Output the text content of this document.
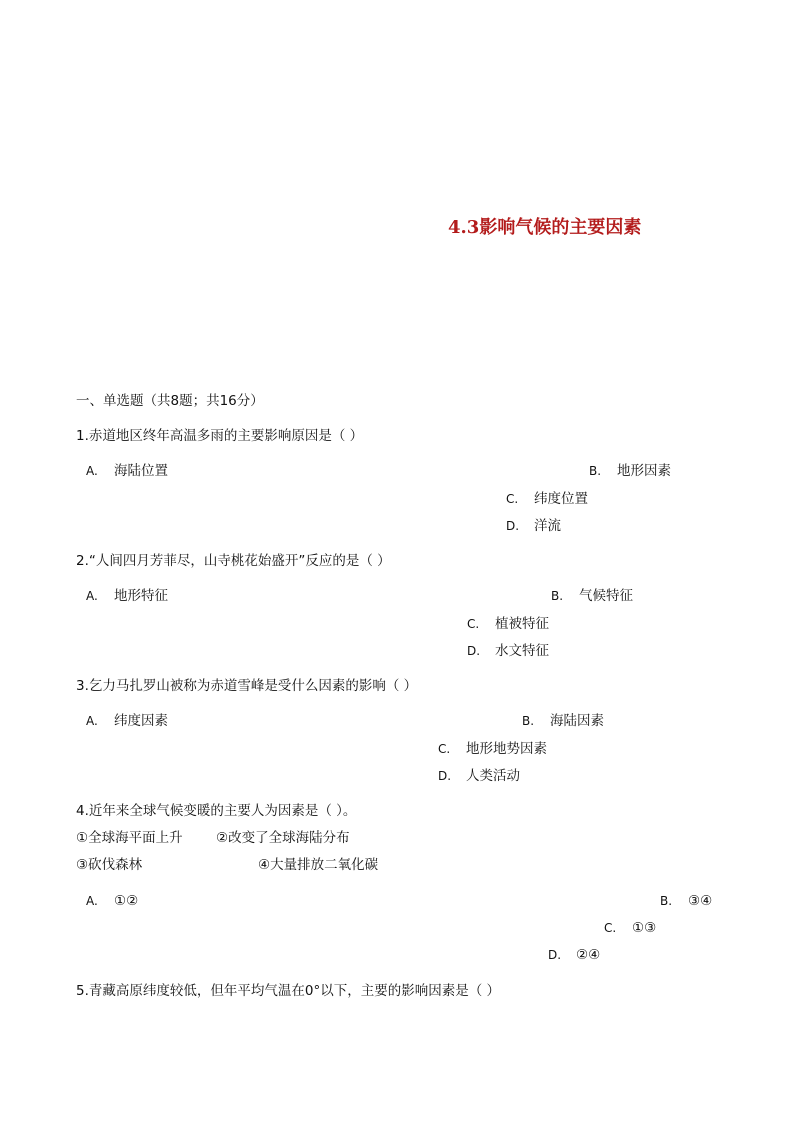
4.3影响气候的主要因素
一、单选题（共8题；共16分）
1.赤道地区终年高温多雨的主要影响原因是（ ）
A.	海陆位置	B.	地形因素
C.	纬度位置
D.	洋流
2.“人间四月芳菲尽，山寺桃花始盛开”反应的是（ ）
A.	地形特征	B.	气候特征
C.	植被特征
D.	水文特征
3.乞力马扎罗山被称为赤道雪峰是受什么因素的影响（ ）
A.	纬度因素	B.	海陆因素
C.	地形地势因素
D.	人类活动
4.近年来全球气候变暖的主要人为因素是（ ）。
①全球海平面上升 ②改变了全球海陆分布
③砍伐森林	④大量排放二氧化碳
A.	①②	B.	③④
C.	①③
D.	②④
5.青藏高原纬度较低，但年平均气温在0°以下，主要的影响因素是（ ）
